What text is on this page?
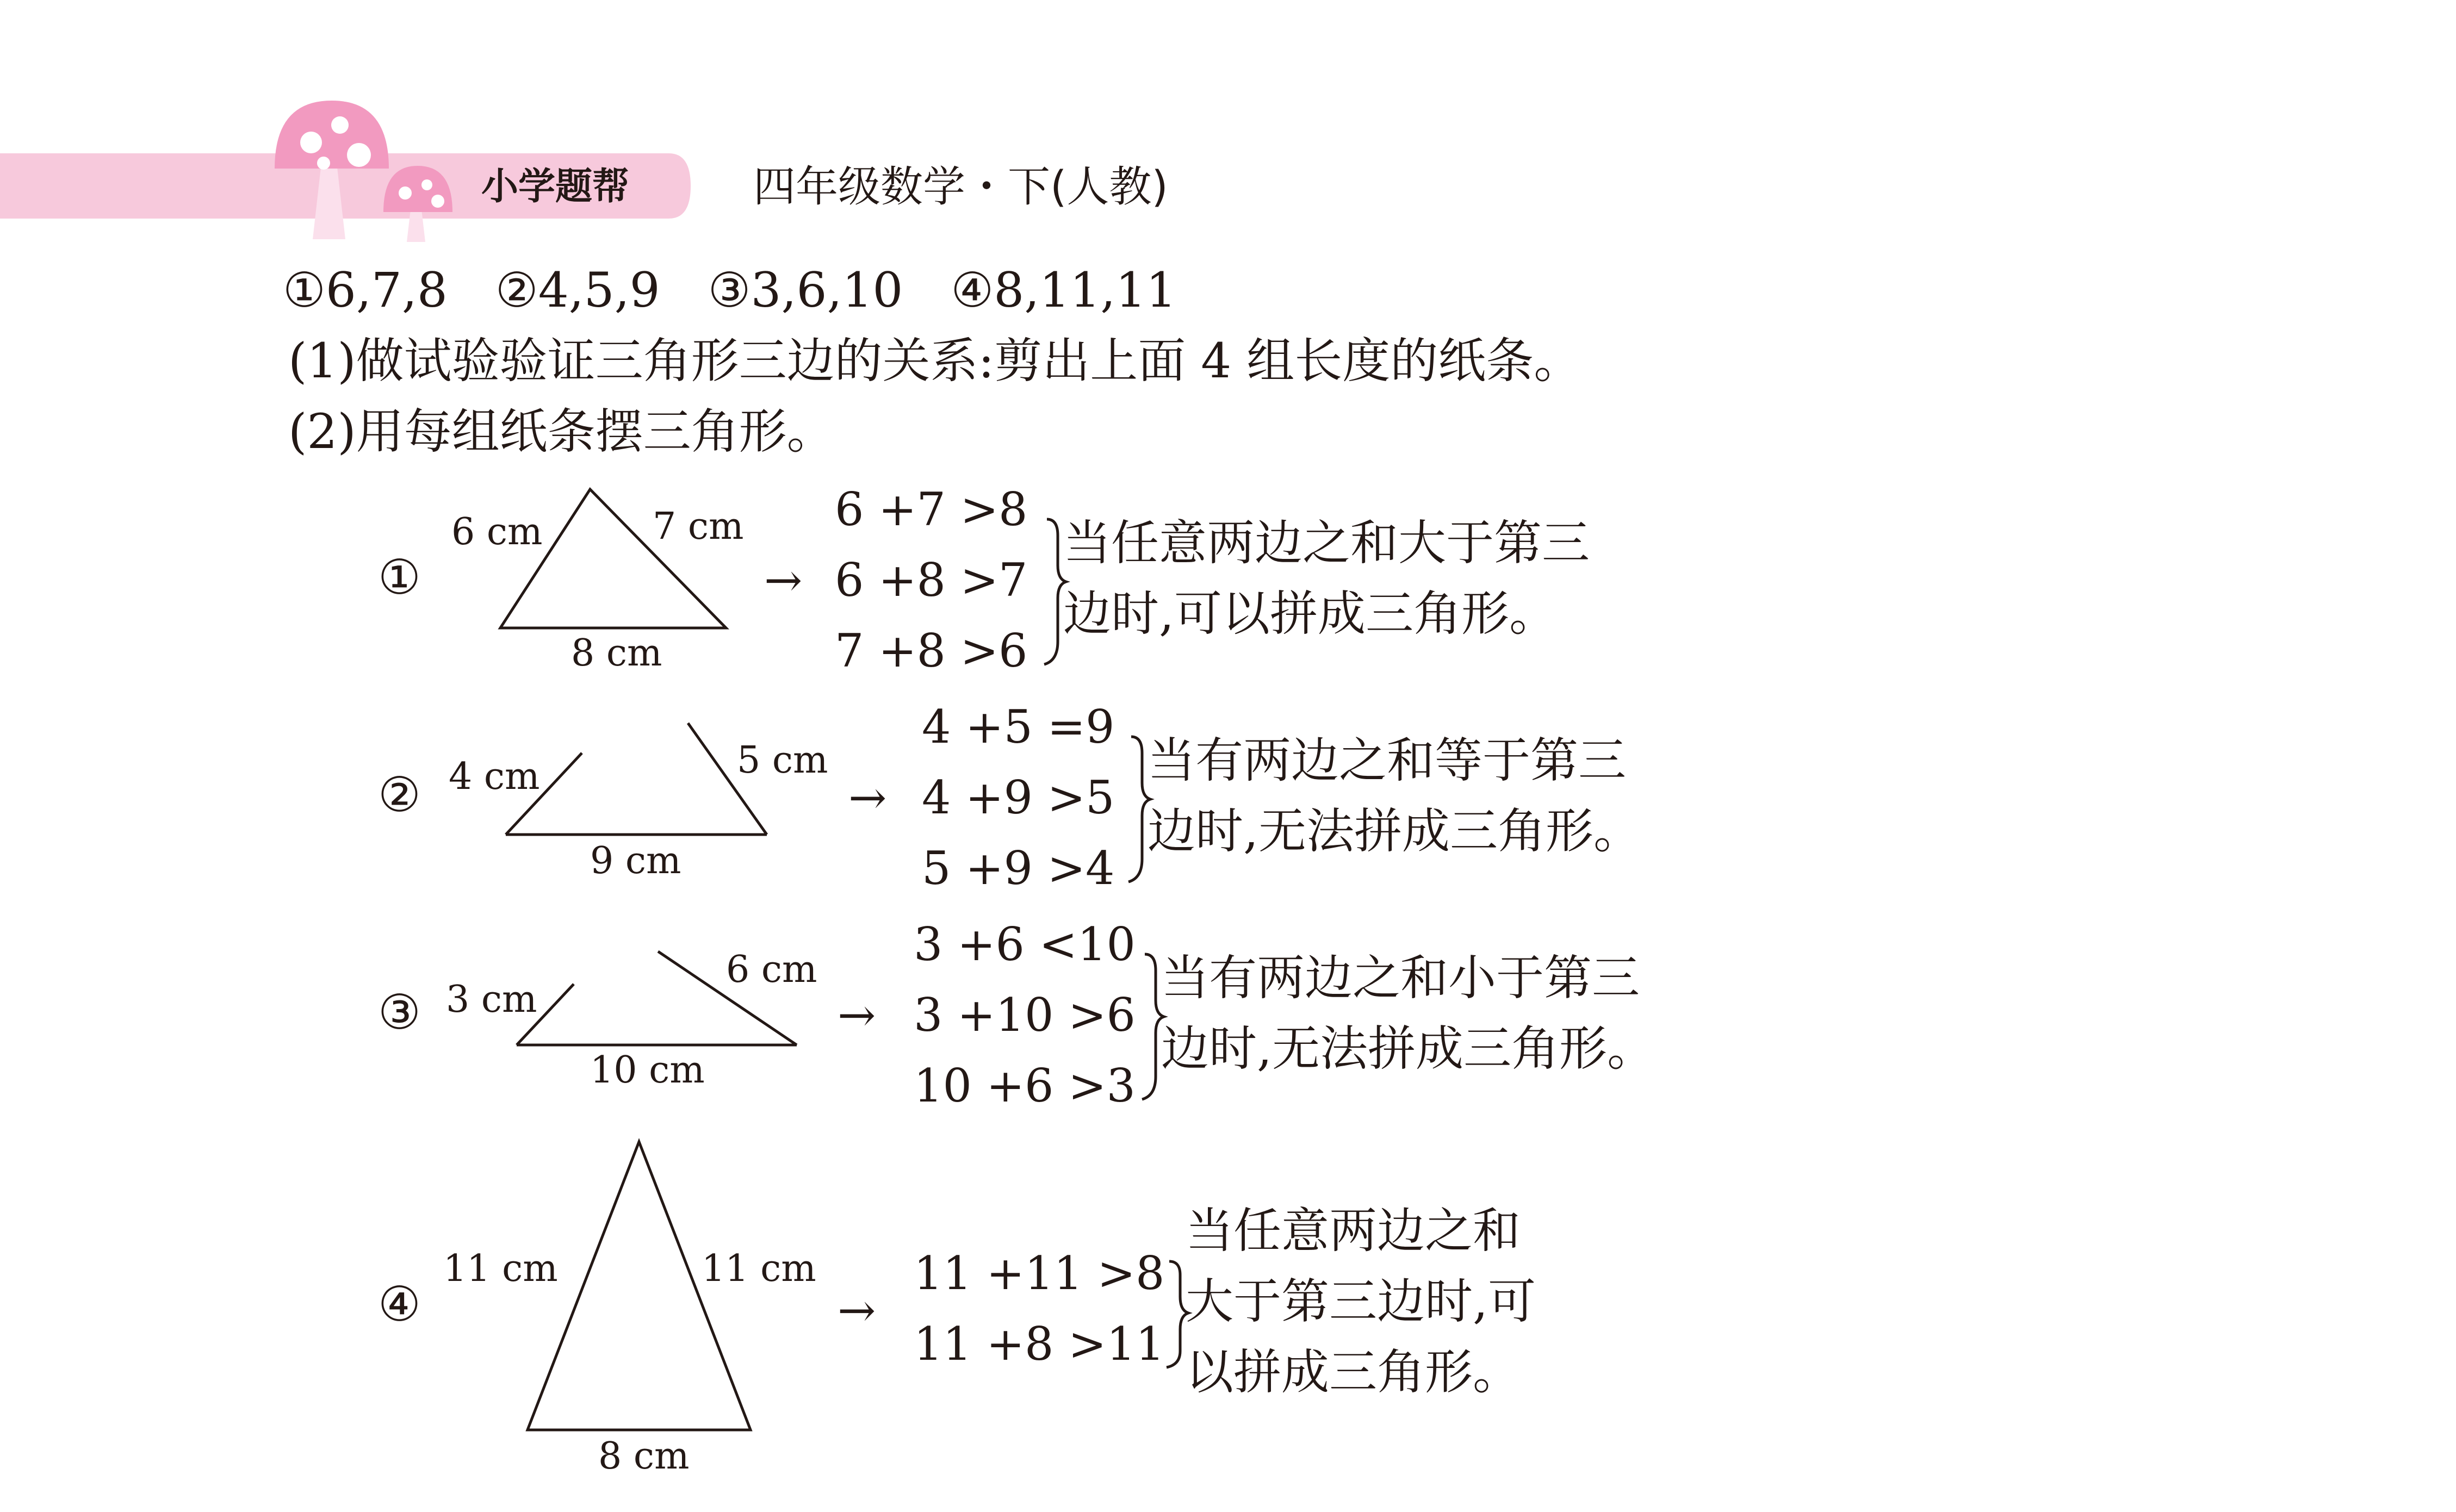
小学题帮	四年级数学・下(人教)
①6,7,8　②4,5,9　③3,6,10　④8,11,11
(1)做试验验证三角形三边的关系:剪出上面 4 组长度的纸条。
(2)用每组纸条摆三角形。
①
6 cm	7 cm
8 cm
→
6 +7 >8
6 +8 >7
7 +8 >6
当任意两边之和大于第三
边时,可以拼成三角形。
② 4 cm	5 cm
9 cm
→
4 +5 =9
4 +9 >5
5 +9 >4
当有两边之和等于第三
边时,无法拼成三角形。
③ 3 cm
6 cm
10 cm
→
3 +6 <10
3 +10 >6
10 +6 >3
当有两边之和小于第三
边时,无法拼成三角形。
④
11 cm	11 cm
8 cm
→
11 +11 >8
11 +8 >11
当任意两边之和
大于第三边时,可
以拼成三角形。
